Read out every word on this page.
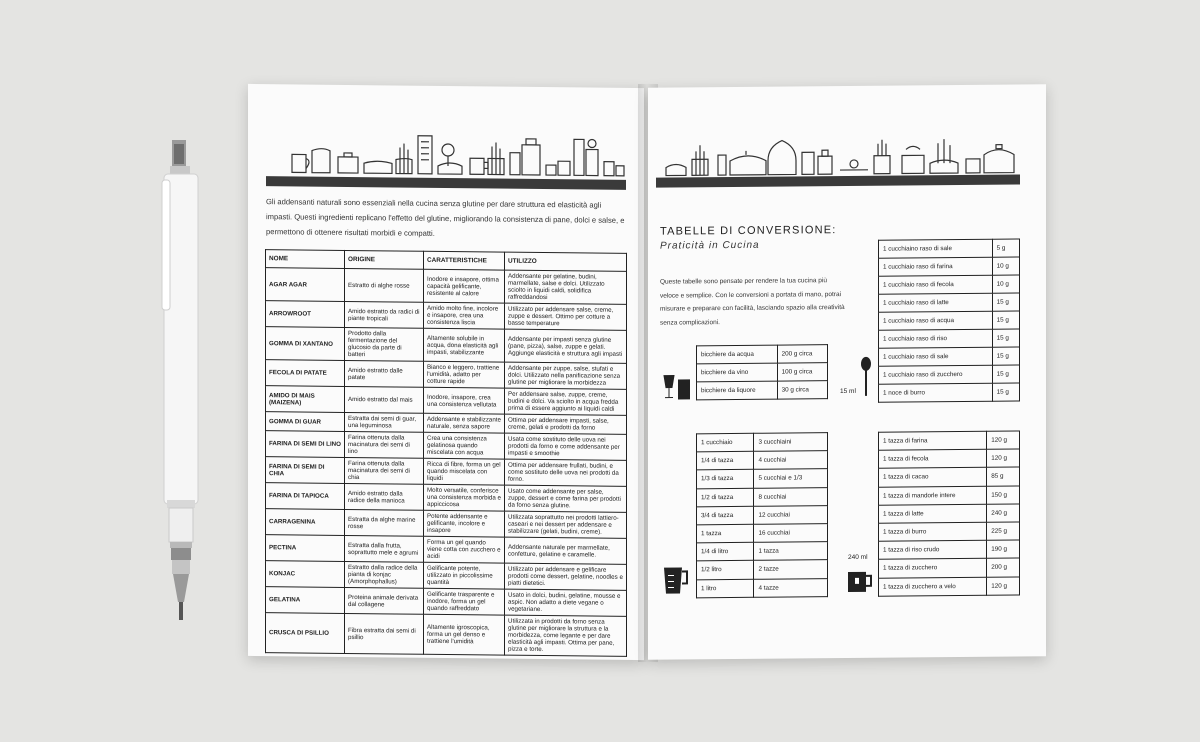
Gli addensanti naturali sono essenziali nella cucina senza glutine per dare struttura ed elasticità agli impasti. Questi ingredienti replicano l'effetto del glutine, migliorando la consistenza di pane, dolci e salse, e permettono di ottenere risultati morbidi e compatti.
NOME	ORIGINE	CARATTERISTICHE	UTILIZZO
AGAR AGAR	Estratto di alghe rosse	Inodore e insapore, ottima capacità gelificante, resistente al calore	Addensante per gelatine, budini, marmellate, salse e dolci. Utilizzato sciolto in liquidi caldi, solidifica raffreddandosi
ARROWROOT	Amido estratto da radici di piante tropicali	Amido molto fine, incolore e insapore, crea una consistenza liscia	Utilizzato per addensare salse, creme, zuppe e dessert. Ottimo per cotture a basse temperature
GOMMA DI XANTANO	Prodotto dalla fermentazione del glucosio da parte di batteri	Altamente solubile in acqua, dona elasticità agli impasti, stabilizzante	Addensante per impasti senza glutine (pane, pizza), salse, zuppe e gelati. Aggiunge elasticità e struttura agli impasti
FECOLA DI PATATE	Amido estratto dalle patate	Bianco e leggero, trattiene l'umidità, adatto per cotture rapide	Addensante per zuppe, salse, stufati e dolci. Utilizzato nella panificazione senza glutine per migliorare la morbidezza
AMIDO DI MAIS (MAIZENA)	Amido estratto dal mais	Inodore, insapore, crea una consistenza vellutata	Per addensare salse, zuppe, creme, budini e dolci. Va sciolto in acqua fredda prima di essere aggiunto ai liquidi caldi
GOMMA DI GUAR	Estratta dai semi di guar, una leguminosa	Addensante e stabilizzante naturale, senza sapore	Ottima per addensare impasti, salse, creme, gelati e prodotti da forno
FARINA DI SEMI DI LINO	Farina ottenuta dalla macinatura dei semi di lino	Crea una consistenza gelatinosa quando miscelata con acqua	Usata come sostituto delle uova nei prodotti da forno e come addensante per impasti e smoothie
FARINA DI SEMI DI CHIA	Farina ottenuta dalla macinatura dei semi di chia	Ricca di fibre, forma un gel quando miscelata con liquidi	Ottima per addensare frullati, budini, e come sostituto delle uova nei prodotti da forno.
FARINA DI TAPIOCA	Amido estratto dalla radice della manioca	Molto versatile, conferisce una consistenza morbida e appiccicosa	Usato come addensante per salse, zuppe, dessert e come farina per prodotti da forno senza glutine.
CARRAGENINA	Estratta da alghe marine rosse	Potente addensante e gelificante, incolore e insapore	Utilizzata soprattutto nei prodotti lattiero-caseari e nei dessert per addensare e stabilizzare (gelati, budini, creme).
PECTINA	Estratta dalla frutta, soprattutto mele e agrumi	Forma un gel quando viene cotta con zucchero e acidi	Addensante naturale per marmellate, confetture, gelatine e caramelle.
KONJAC	Estratto dalla radice della pianta di konjac (Amorphophallus)	Gelificante potente, utilizzato in piccolissime quantità	Utilizzato per addensare e gelificare prodotti come dessert, gelatine, noodles e piatti dietetici.
GELATINA	Proteina animale derivata dal collagene	Gelificante trasparente e inodore, forma un gel quando raffreddato	Usato in dolci, budini, gelatine, mousse e aspic. Non adatto a diete vegane o vegetariane.
CRUSCA DI PSILLIO	Fibra estratta dai semi di psillio	Altamente igroscopica, forma un gel denso e trattiene l'umidità	Utilizzata in prodotti da forno senza glutine per migliorare la struttura e la morbidezza, come legante e per dare elasticità agli impasti. Ottima per pane, pizza e torte.
TABELLE DI CONVERSIONE:
Praticità in Cucina
Queste tabelle sono pensate per rendere la tua cucina più veloce e semplice. Con le conversioni a portata di mano, potrai misurare e preparare con facilità, lasciando spazio alla creatività senza complicazioni.
bicchiere da acqua	200 g circa
bicchiere da vino	100 g circa
bicchiere da liquore	30 g circa	15 ml
1 cucchiaino raso di sale	5 g
1 cucchiaio raso di farina	10 g
1 cucchiaio raso di fecola	10 g
1 cucchiaio raso di latte	15 g
1 cucchiaio raso di acqua	15 g
1 cucchiaio raso di riso	15 g
1 cucchiaio raso di sale	15 g
1 cucchiaio raso di zucchero	15 g
1 noce di burro	15 g
1 cucchiaio	3 cucchiaini
1/4 di tazza	4 cucchiai
1/3 di tazza	5 cucchiai e 1/3
1/2 di tazza	8 cucchiai
3/4 di tazza	12 cucchiai
1 tazza	16 cucchiai
1/4 di litro	1 tazza
1/2 litro	2 tazze
1 litro	4 tazze
240 ml
1 tazza di farina	120 g
1 tazza di fecola	120 g
1 tazza di cacao	85 g
1 tazza di mandorle intere	150 g
1 tazza di latte	240 g
1 tazza di burro	225 g
1 tazza di riso crudo	190 g
1 tazza di zucchero	200 g
1 tazza di zucchero a velo	120 g
